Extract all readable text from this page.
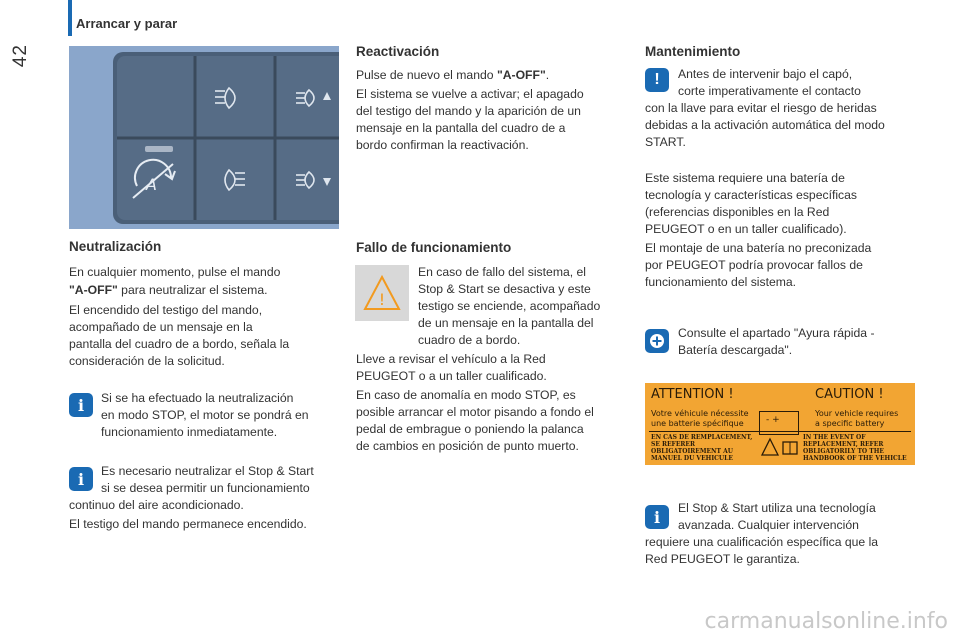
Arrancar y parar
42
A
Neutralización

En cualquier momento, pulse el mando

"A-OFF" para neutralizar el sistema.

El encendido del testigo del mando,

acompañado de un mensaje en la

pantalla del cuadro de a bordo, señala la

consideración de la solicitud.

i	Si se ha efectuado la neutralización

en modo STOP, el motor se pondrá en

funcionamiento inmediatamente.

i	Es necesario neutralizar el Stop & Start

si se desea permitir un funcionamiento

continuo del aire acondicionado.

El testigo del mando permanece encendido.

Reactivación

Pulse de nuevo el mando "A-OFF".

El sistema se vuelve a activar; el apagado

del testigo del mando y la aparición de un

mensaje en la pantalla del cuadro de a

bordo confirman la reactivación.

Fallo de funcionamiento
!

En caso de fallo del sistema, el

Stop & Start se desactiva y este

testigo se enciende, acompañado

de un mensaje en la pantalla del

cuadro de a bordo.

Lleve a revisar el vehículo a la Red

PEUGEOT o a un taller cualificado.

En caso de anomalía en modo STOP, es

posible arrancar el motor pisando a fondo el

pedal de embrague o poniendo la palanca

de cambios en posición de punto muerto.

Mantenimiento
!	Antes de intervenir bajo el capó,

corte imperativamente el contacto

con la llave para evitar el riesgo de heridas

debidas a la activación automática del modo

START.

Este sistema requiere una batería de

tecnología y características específicas

(referencias disponibles en la Red

PEUGEOT o en un taller cualificado).

El montaje de una batería no preconizada

por PEUGEOT podría provocar fallos de

funcionamiento del sistema.

Consulte el apartado "Ayura rápida -

Batería descargada".

ATTENTION !	CAUTION !
Votre véhicule nécessite
une batterie spécifique
Your vehicle requires
a specific battery
EN CAS DE REMPLACEMENT,
SE REFERER
OBLIGATOIREMENT AU
MANUEL DU VEHICULE
IN THE EVENT OF
REPLACEMENT, REFER
OBLIGATORILY TO THE
HANDBOOK OF THE VEHICLE
- +
i	El Stop & Start utiliza una tecnología

avanzada. Cualquier intervención

requiere una cualificación específica que la

Red PEUGEOT le garantiza.

carmanualsonline.info
